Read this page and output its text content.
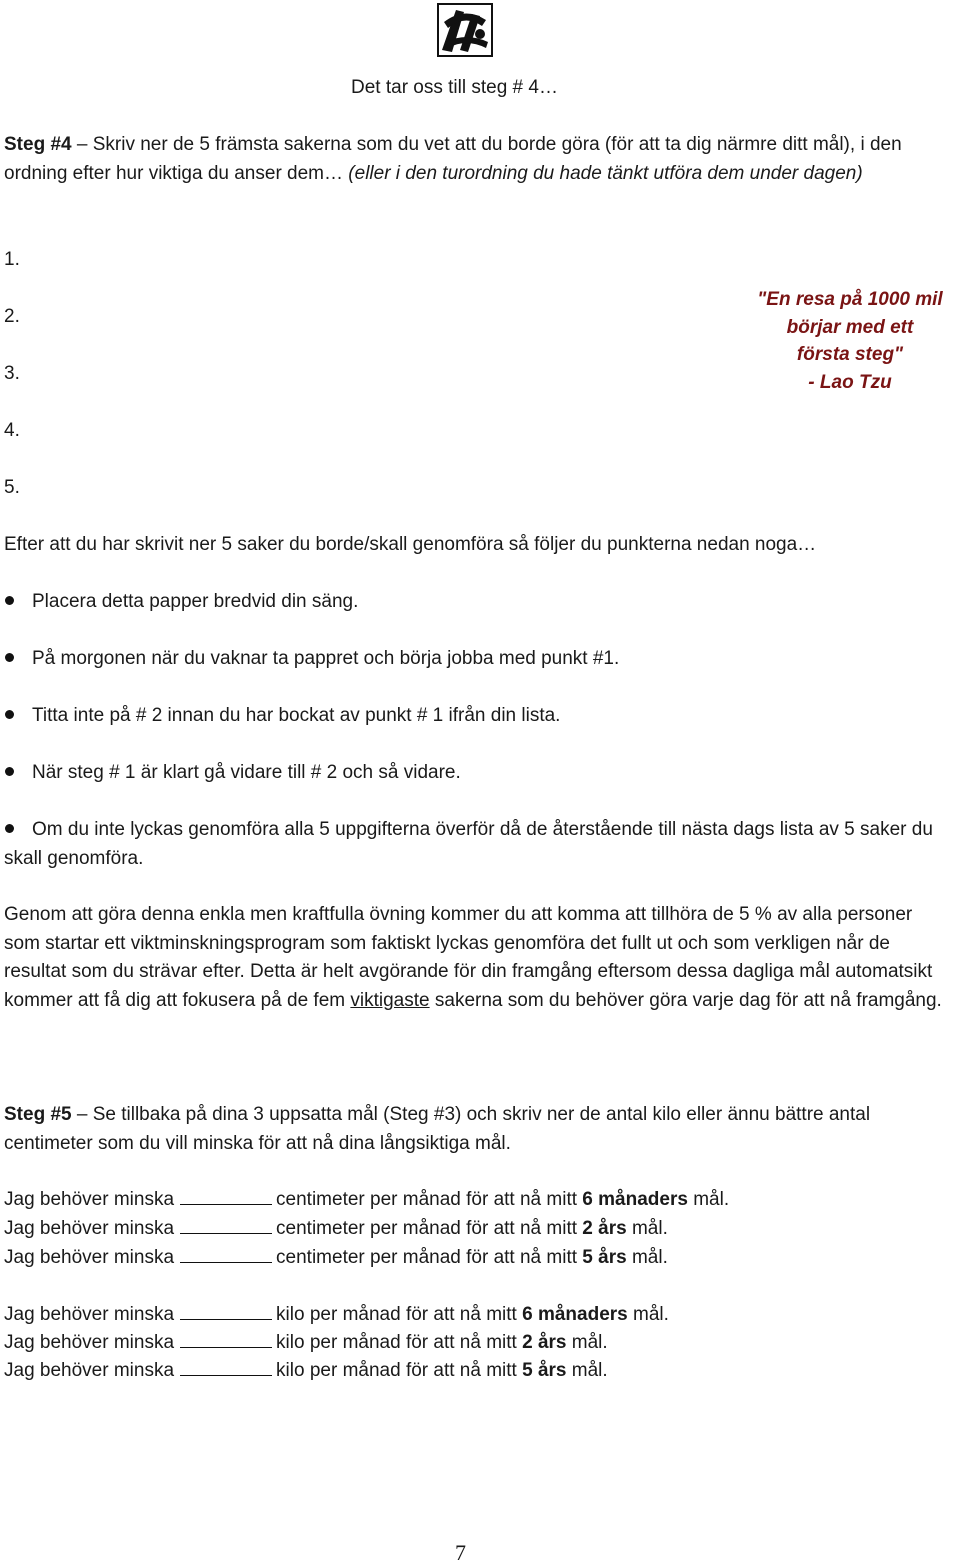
Det tar oss till steg # 4…

Steg #4 – Skriv ner de 5 främsta sakerna som du vet att du borde göra (för att ta dig närmre ditt mål), i den ordning efter hur viktiga du anser dem… (eller i den turordning du hade tänkt utföra dem under dagen)

1.
2.
3.
4.
5.
"En resa på 1000 mil
börjar med ett
första steg"
- Lao Tzu

Efter att du har skrivit ner 5 saker du borde/skall genomföra så följer du punkterna nedan noga…

Placera detta papper bredvid din säng.
På morgonen när du vaknar ta pappret och börja jobba med punkt #1.
Titta inte på # 2 innan du har bockat av punkt # 1 ifrån din lista.
När steg # 1 är klart gå vidare till # 2 och så vidare.

Om du inte lyckas genomföra alla 5 uppgifterna överför då de återstående till nästa dags lista av 5 saker du skall genomföra.

Genom att göra denna enkla men kraftfulla övning kommer du att komma att tillhöra de 5 % av alla personer som startar ett viktminskningsprogram som faktiskt lyckas genomföra det fullt ut och som verkligen når de resultat som du strävar efter. Detta är helt avgörande för din framgång eftersom dessa dagliga mål automatsikt kommer att få dig att fokusera på de fem viktigaste sakerna som du behöver göra varje dag för att nå framgång.

Steg #5 – Se tillbaka på dina 3 uppsatta mål (Steg #3) och skriv ner de antal kilo eller ännu bättre antal centimeter som du vill minska för att nå dina långsiktiga mål.

Jag behöver minska	centimeter per månad för att nå mitt 6 månaders mål.
Jag behöver minska	centimeter per månad för att nå mitt 2 års mål.
Jag behöver minska	centimeter per månad för att nå mitt 5 års mål.
Jag behöver minska	kilo per månad för att nå mitt 6 månaders mål.
Jag behöver minska	kilo per månad för att nå mitt 2 års mål.
Jag behöver minska	kilo per månad för att nå mitt 5 års mål.
7
